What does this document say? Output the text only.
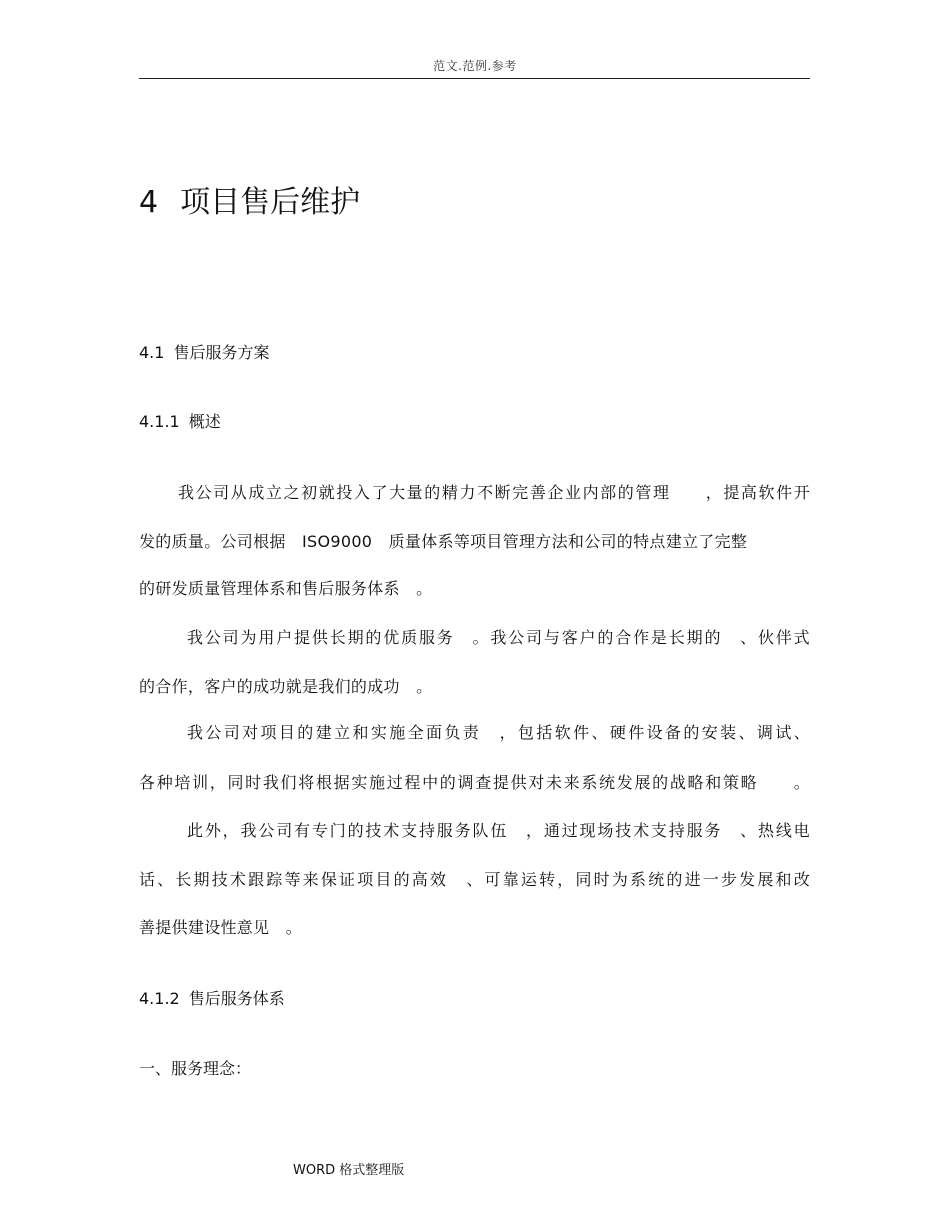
范文.范例.参考
4 项目售后维护
4.1 售后服务方案
4.1.1 概述
我公司从成立之初就投入了大量的精力不断完善企业内部的管理　　，提高软件开
发的质量。公司根据　ISO9000　质量体系等项目管理方法和公司的特点建立了完整
的研发质量管理体系和售后服务体系　。
我公司为用户提供长期的优质服务　。我公司与客户的合作是长期的　、伙伴式
的合作，客户的成功就是我们的成功　。
我公司对项目的建立和实施全面负责　，包括软件、硬件设备的安装、调试、
各种培训，同时我们将根据实施过程中的调查提供对未来系统发展的战略和策略　　。
此外，我公司有专门的技术支持服务队伍　，通过现场技术支持服务　、热线电
话、长期技术跟踪等来保证项目的高效　、可靠运转，同时为系统的进一步发展和改
善提供建设性意见　。
4.1.2 售后服务体系
一、服务理念：
WORD 格式整理版
